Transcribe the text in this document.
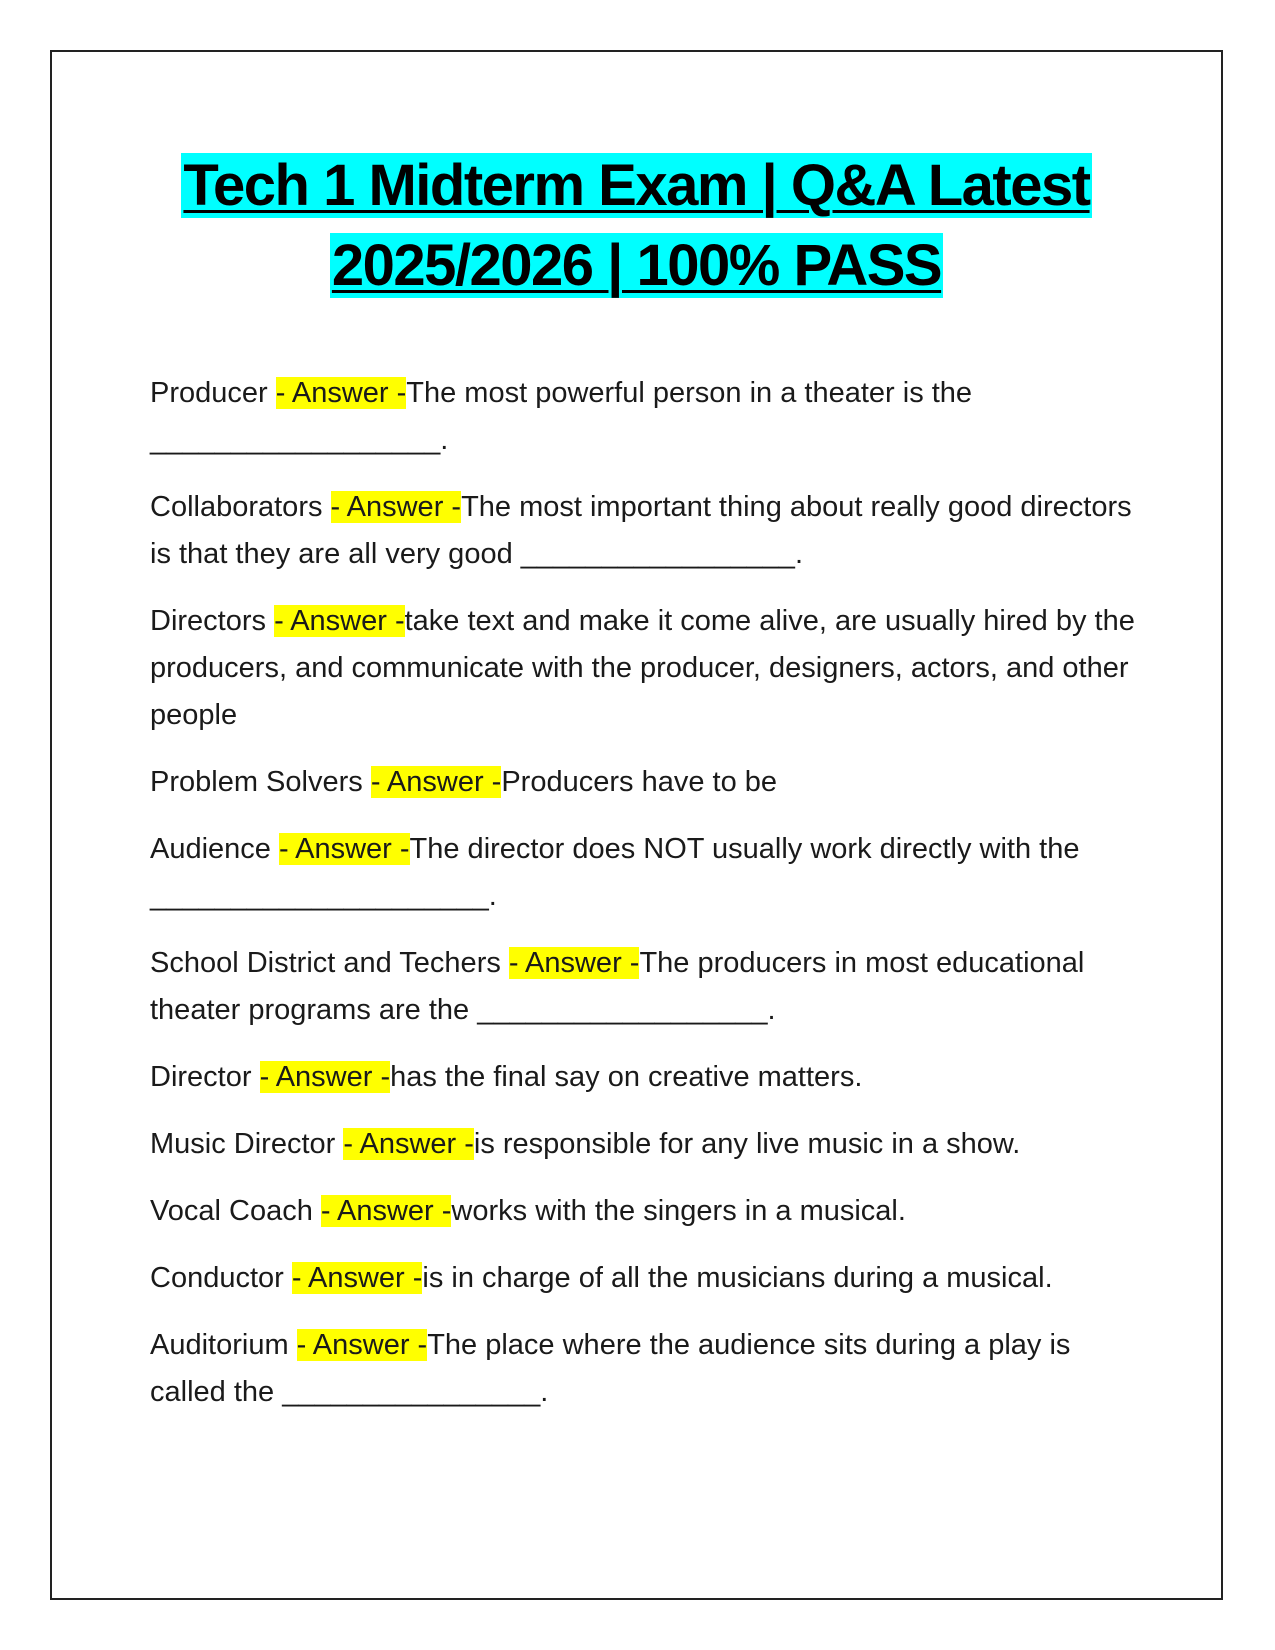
Tech 1 Midterm Exam | Q&A Latest
2025/2026 | 100% PASS

Producer - Answer -The most powerful person in a theater is the __________________.

Collaborators - Answer -The most important thing about really good directors is that they are all very good _________________.

Directors - Answer -take text and make it come alive, are usually hired by the producers, and communicate with the producer, designers, actors, and other people

Problem Solvers - Answer -Producers have to be

Audience - Answer -The director does NOT usually work directly with the _____________________.

School District and Techers - Answer -The producers in most educational theater programs are the __________________.

Director - Answer -has the final say on creative matters.

Music Director - Answer -is responsible for any live music in a show.

Vocal Coach - Answer -works with the singers in a musical.

Conductor - Answer -is in charge of all the musicians during a musical.

Auditorium - Answer -The place where the audience sits during a play is called the ________________.
